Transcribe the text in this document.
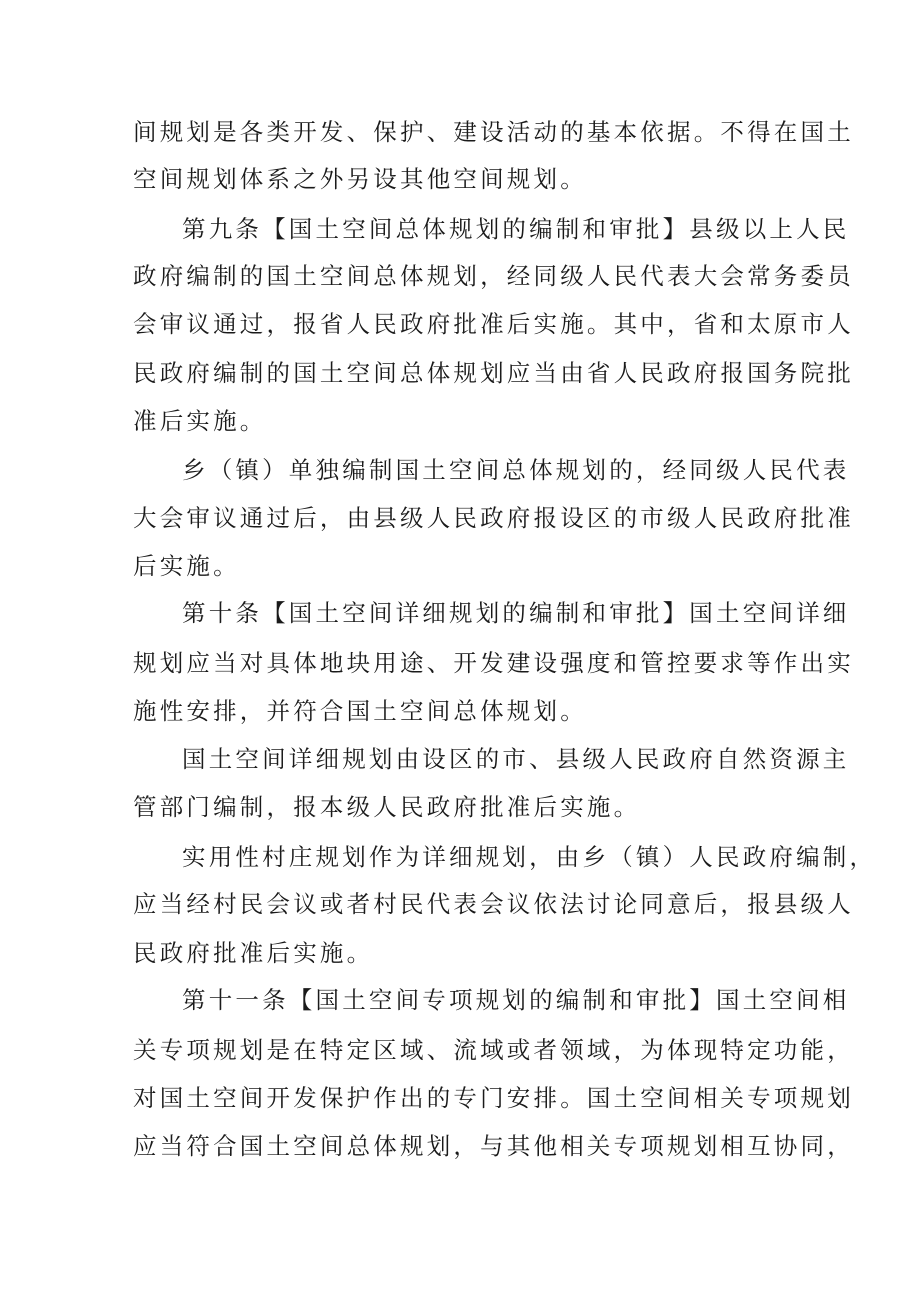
间规划是各类开发、保护、建设活动的基本依据。不得在国土

空间规划体系之外另设其他空间规划。

第九条【国土空间总体规划的编制和审批】县级以上人民

政府编制的国土空间总体规划，经同级人民代表大会常务委员

会审议通过，报省人民政府批准后实施。其中，省和太原市人

民政府编制的国土空间总体规划应当由省人民政府报国务院批

准后实施。

乡（镇）单独编制国土空间总体规划的，经同级人民代表

大会审议通过后，由县级人民政府报设区的市级人民政府批准

后实施。

第十条【国土空间详细规划的编制和审批】国土空间详细

规划应当对具体地块用途、开发建设强度和管控要求等作出实

施性安排，并符合国土空间总体规划。

国土空间详细规划由设区的市、县级人民政府自然资源主

管部门编制，报本级人民政府批准后实施。

实用性村庄规划作为详细规划，由乡（镇）人民政府编制，

应当经村民会议或者村民代表会议依法讨论同意后，报县级人

民政府批准后实施。

第十一条【国土空间专项规划的编制和审批】国土空间相

关专项规划是在特定区域、流域或者领域，为体现特定功能，

对国土空间开发保护作出的专门安排。国土空间相关专项规划

应当符合国土空间总体规划，与其他相关专项规划相互协同，
